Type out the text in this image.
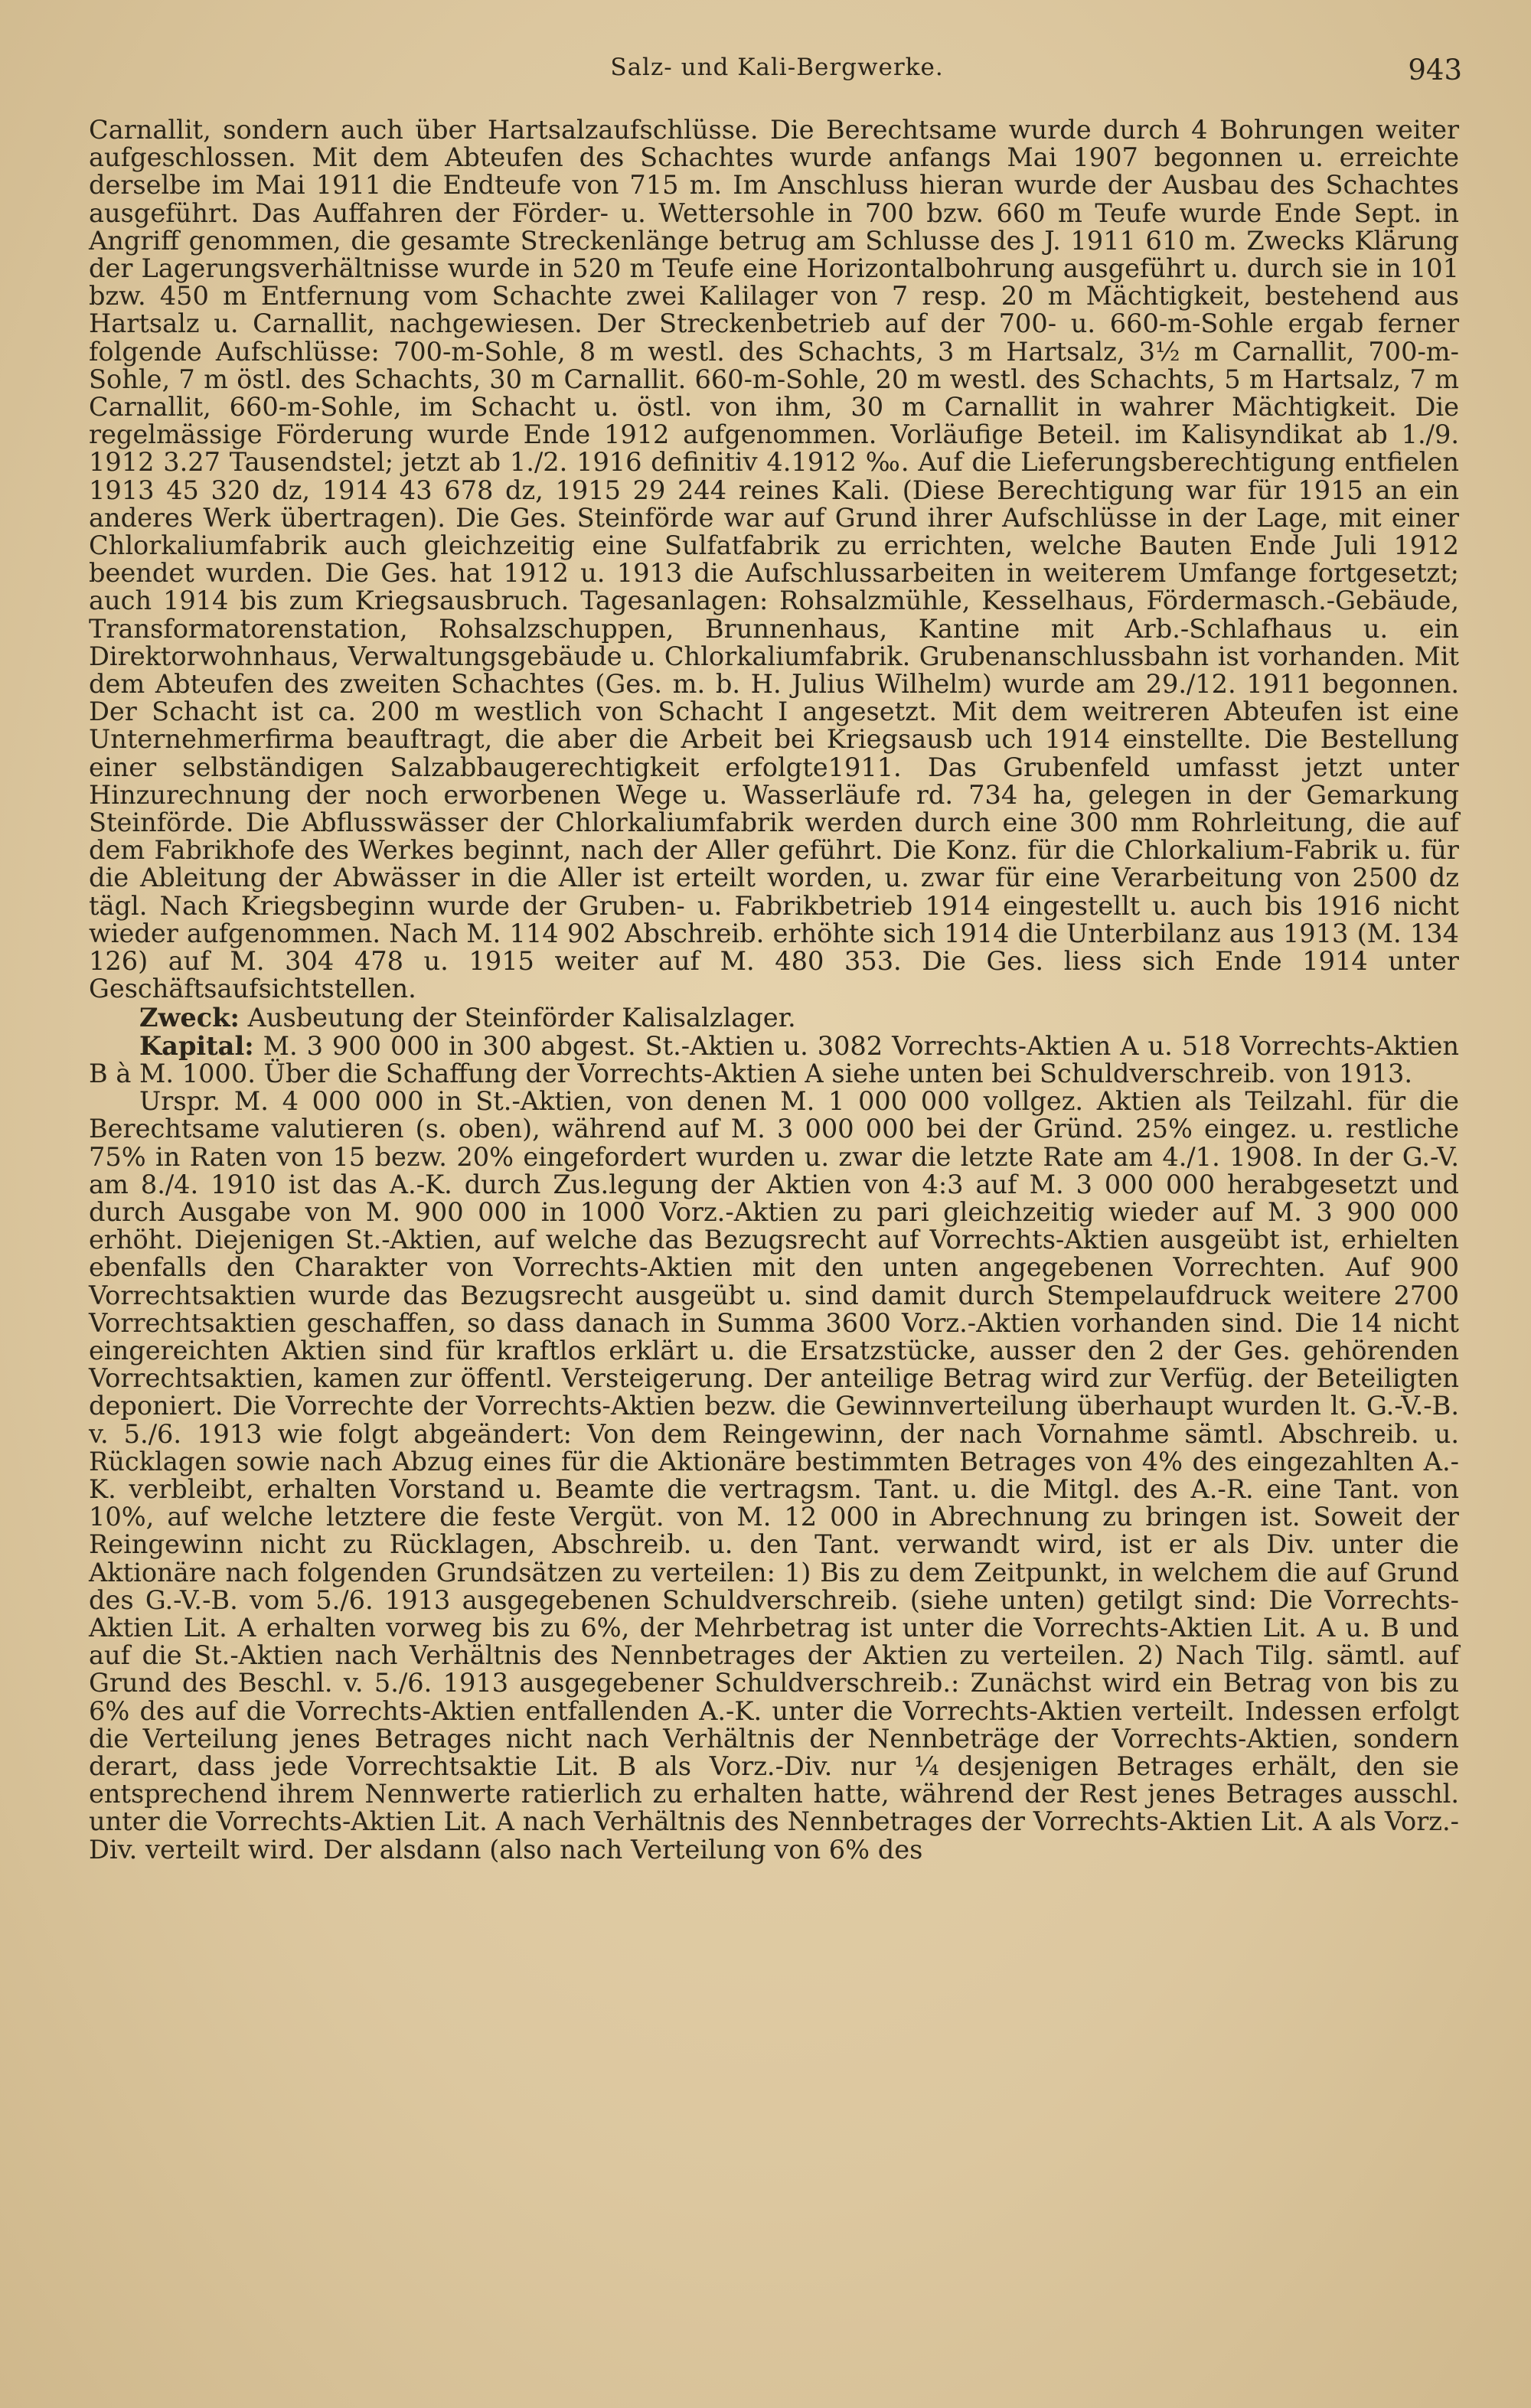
Salz- und Kali-Bergwerke.	943

Carnallit, sondern auch über Hartsalzaufschlüsse. Die Berechtsame wurde durch 4 Bohrungen weiter aufgeschlossen. Mit dem Abteufen des Schachtes wurde anfangs Mai 1907 begonnen u. erreichte derselbe im Mai 1911 die Endteufe von 715 m. Im Anschluss hieran wurde der Ausbau des Schachtes ausgeführt. Das Auffahren der Förder- u. Wettersohle in 700 bzw. 660 m Teufe wurde Ende Sept. in Angriff genommen, die gesamte Streckenlänge betrug am Schlusse des J. 1911 610 m. Zwecks Klärung der Lagerungsverhältnisse wurde in 520 m Teufe eine Horizontalbohrung ausgeführt u. durch sie in 101 bzw. 450 m Entfernung vom Schachte zwei Kalilager von 7 resp. 20 m Mächtigkeit, bestehend aus Hartsalz u. Carnallit, nachgewiesen. Der Streckenbetrieb auf der 700- u. 660-m-Sohle ergab ferner folgende Aufschlüsse: 700-m-Sohle, 8 m westl. des Schachts, 3 m Hartsalz, 3½ m Carnallit, 700-m-Sohle, 7 m östl. des Schachts, 30 m Carnallit. 660-m-Sohle, 20 m westl. des Schachts, 5 m Hartsalz, 7 m Carnallit, 660-m-Sohle, im Schacht u. östl. von ihm, 30 m Carnallit in wahrer Mächtigkeit. Die regelmässige Förderung wurde Ende 1912 aufgenommen. Vorläufige Beteil. im Kalisyndikat ab 1./9. 1912 3.27 Tausendstel; jetzt ab 1./2. 1916 definitiv 4.1912 ‰. Auf die Lieferungsberechtigung entfielen 1913 45 320 dz, 1914 43 678 dz, 1915 29 244 reines Kali. (Diese Berechtigung war für 1915 an ein anderes Werk übertragen). Die Ges. Steinförde war auf Grund ihrer Aufschlüsse in der Lage, mit einer Chlorkaliumfabrik auch gleichzeitig eine Sulfatfabrik zu errichten, welche Bauten Ende Juli 1912 beendet wurden. Die Ges. hat 1912 u. 1913 die Aufschlussarbeiten in weiterem Umfange fortgesetzt; auch 1914 bis zum Kriegsausbruch. Tagesanlagen: Rohsalzmühle, Kesselhaus, Fördermasch.-Gebäude, Transformatorenstation, Rohsalzschuppen, Brunnenhaus, Kantine mit Arb.-Schlafhaus u. ein Direktorwohnhaus, Verwaltungsgebäude u. Chlorkaliumfabrik. Grubenanschlussbahn ist vorhanden. Mit dem Abteufen des zweiten Schachtes (Ges. m. b. H. Julius Wilhelm) wurde am 29./12. 1911 begonnen. Der Schacht ist ca. 200 m westlich von Schacht I angesetzt. Mit dem weitreren Abteufen ist eine Unternehmerfirma beauftragt, die aber die Arbeit bei Kriegsausb uch 1914 einstellte. Die Bestellung einer selbständigen Salzabbaugerechtigkeit erfolgte1911. Das Grubenfeld umfasst jetzt unter Hinzurechnung der noch erworbenen Wege u. Wasserläufe rd. 734 ha, gelegen in der Gemarkung Steinförde. Die Abflusswässer der Chlorkaliumfabrik werden durch eine 300 mm Rohrleitung, die auf dem Fabrikhofe des Werkes beginnt, nach der Aller geführt. Die Konz. für die Chlorkalium-Fabrik u. für die Ableitung der Abwässer in die Aller ist erteilt worden, u. zwar für eine Verarbeitung von 2500 dz tägl. Nach Kriegsbeginn wurde der Gruben- u. Fabrikbetrieb 1914 eingestellt u. auch bis 1916 nicht wieder aufgenommen. Nach M. 114 902 Abschreib. erhöhte sich 1914 die Unterbilanz aus 1913 (M. 134 126) auf M. 304 478 u. 1915 weiter auf M. 480 353. Die Ges. liess sich Ende 1914 unter Geschäftsaufsichtstellen.

Zweck: Ausbeutung der Steinförder Kalisalzlager.

Kapital: M. 3 900 000 in 300 abgest. St.-Aktien u. 3082 Vorrechts-Aktien A u. 518 Vorrechts-Aktien B à M. 1000. Über die Schaffung der Vorrechts-Aktien A siehe unten bei Schuldverschreib. von 1913.

Urspr. M. 4 000 000 in St.-Aktien, von denen M. 1 000 000 vollgez. Aktien als Teilzahl. für die Berechtsame valutieren (s. oben), während auf M. 3 000 000 bei der Gründ. 25% eingez. u. restliche 75% in Raten von 15 bezw. 20% eingefordert wurden u. zwar die letzte Rate am 4./1. 1908. In der G.-V. am 8./4. 1910 ist das A.-K. durch Zus.legung der Aktien von 4:3 auf M. 3 000 000 herabgesetzt und durch Ausgabe von M. 900 000 in 1000 Vorz.-Aktien zu pari gleichzeitig wieder auf M. 3 900 000 erhöht. Diejenigen St.-Aktien, auf welche das Bezugsrecht auf Vorrechts-Aktien ausgeübt ist, erhielten ebenfalls den Charakter von Vorrechts-Aktien mit den unten angegebenen Vorrechten. Auf 900 Vorrechtsaktien wurde das Bezugsrecht ausgeübt u. sind damit durch Stempelaufdruck weitere 2700 Vorrechtsaktien geschaffen, so dass danach in Summa 3600 Vorz.-Aktien vorhanden sind. Die 14 nicht eingereichten Aktien sind für kraftlos erklärt u. die Ersatzstücke, ausser den 2 der Ges. gehörenden Vorrechtsaktien, kamen zur öffentl. Versteigerung. Der anteilige Betrag wird zur Verfüg. der Beteiligten deponiert. Die Vorrechte der Vorrechts-Aktien bezw. die Gewinnverteilung überhaupt wurden lt. G.-V.-B. v. 5./6. 1913 wie folgt abgeändert: Von dem Reingewinn, der nach Vornahme sämtl. Abschreib. u. Rücklagen sowie nach Abzug eines für die Aktionäre bestimmten Betrages von 4% des eingezahlten A.-K. verbleibt, erhalten Vorstand u. Beamte die vertragsm. Tant. u. die Mitgl. des A.-R. eine Tant. von 10%, auf welche letztere die feste Vergüt. von M. 12 000 in Abrechnung zu bringen ist. Soweit der Reingewinn nicht zu Rücklagen, Abschreib. u. den Tant. verwandt wird, ist er als Div. unter die Aktionäre nach folgenden Grundsätzen zu verteilen: 1) Bis zu dem Zeitpunkt, in welchem die auf Grund des G.-V.-B. vom 5./6. 1913 ausgegebenen Schuldverschreib. (siehe unten) getilgt sind: Die Vorrechts-Aktien Lit. A erhalten vorweg bis zu 6%, der Mehrbetrag ist unter die Vorrechts-Aktien Lit. A u. B und auf die St.-Aktien nach Verhältnis des Nennbetrages der Aktien zu verteilen. 2) Nach Tilg. sämtl. auf Grund des Beschl. v. 5./6. 1913 ausgegebener Schuldverschreib.: Zunächst wird ein Betrag von bis zu 6% des auf die Vorrechts-Aktien entfallenden A.-K. unter die Vorrechts-Aktien verteilt. Indessen erfolgt die Verteilung jenes Betrages nicht nach Verhältnis der Nennbeträge der Vorrechts-Aktien, sondern derart, dass jede Vorrechtsaktie Lit. B als Vorz.-Div. nur ¼ desjenigen Betrages erhält, den sie entsprechend ihrem Nennwerte ratierlich zu erhalten hatte, während der Rest jenes Betrages ausschl. unter die Vorrechts-Aktien Lit. A nach Verhältnis des Nennbetrages der Vorrechts-Aktien Lit. A als Vorz.-Div. verteilt wird. Der alsdann (also nach Verteilung von 6% des
